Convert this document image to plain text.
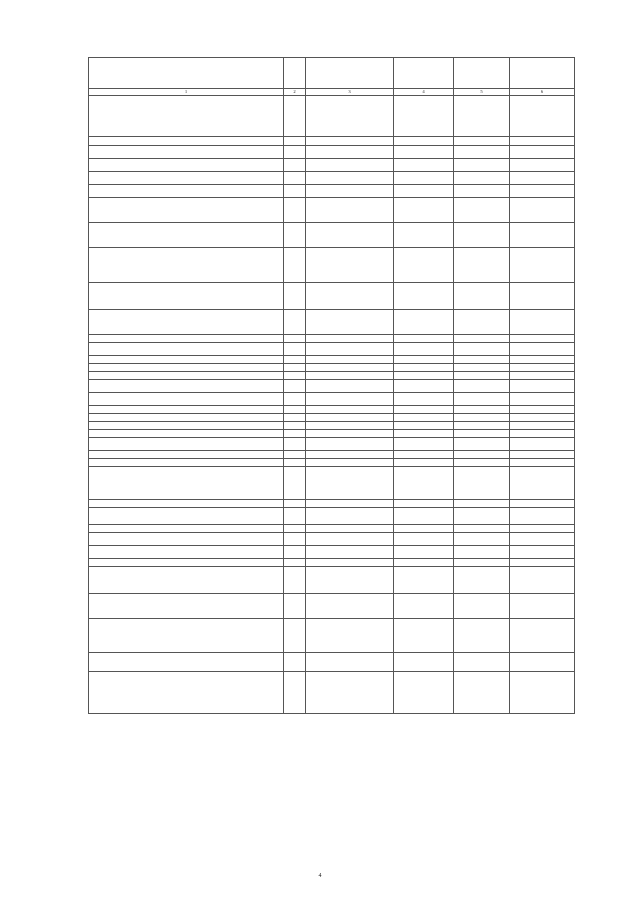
1	2	3	4	5	6

4
